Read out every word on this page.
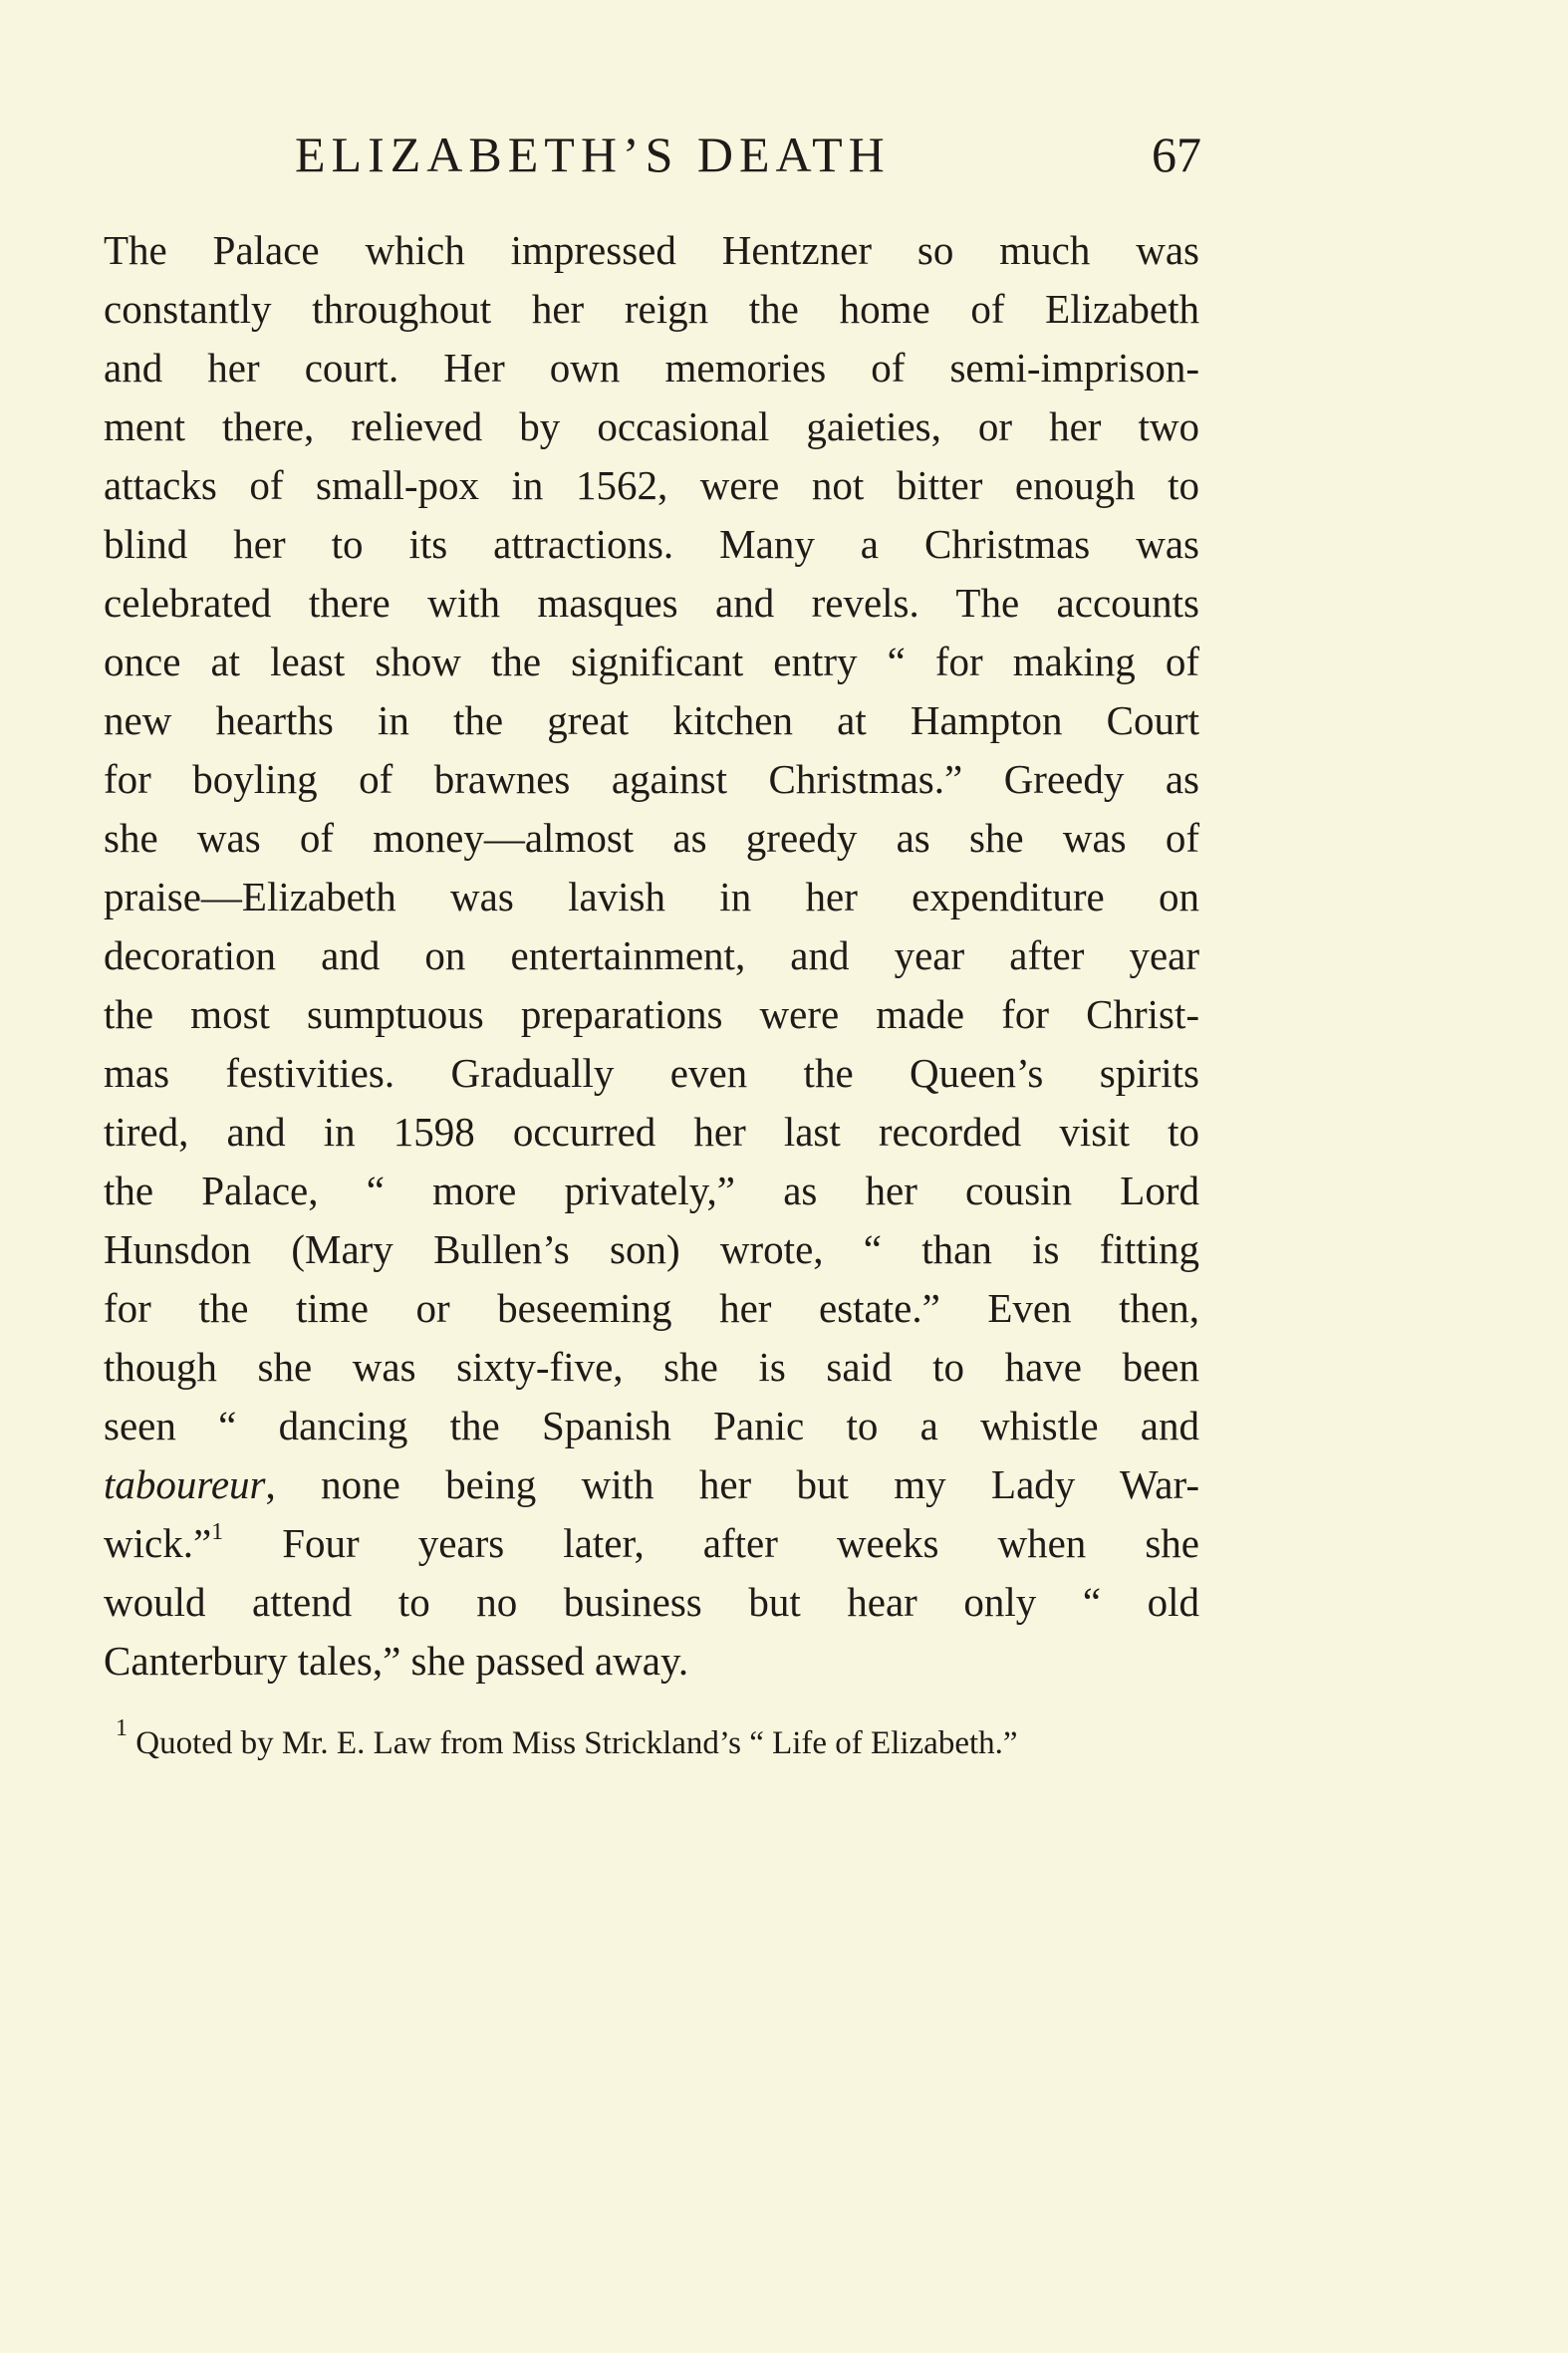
ELIZABETH’S DEATH	67
The Palace which impressed Hentzner so much was
constantly throughout her reign the home of Elizabeth
and her court. Her own memories of semi-imprison-
ment there, relieved by occasional gaieties, or her two
attacks of small-pox in 1562, were not bitter enough to
blind her to its attractions. Many a Christmas was
celebrated there with masques and revels. The accounts
once at least show the significant entry “ for making of
new hearths in the great kitchen at Hampton Court
for boyling of brawnes against Christmas.” Greedy as
she was of money—almost as greedy as she was of
praise—Elizabeth was lavish in her expenditure on
decoration and on entertainment, and year after year
the most sumptuous preparations were made for Christ-
mas festivities. Gradually even the Queen’s spirits
tired, and in 1598 occurred her last recorded visit to
the Palace, “ more privately,” as her cousin Lord
Hunsdon (Mary Bullen’s son) wrote, “ than is fitting
for the time or beseeming her estate.” Even then,
though she was sixty-five, she is said to have been
seen “ dancing the Spanish Panic to a whistle and
taboureur, none being with her but my Lady War-
wick.”$^1$ Four years later, after weeks when she
would attend to no business but hear only “ old
Canterbury tales,” she passed away.
$^1$ Quoted by Mr. E. Law from Miss Strickland’s “ Life of Elizabeth.”
